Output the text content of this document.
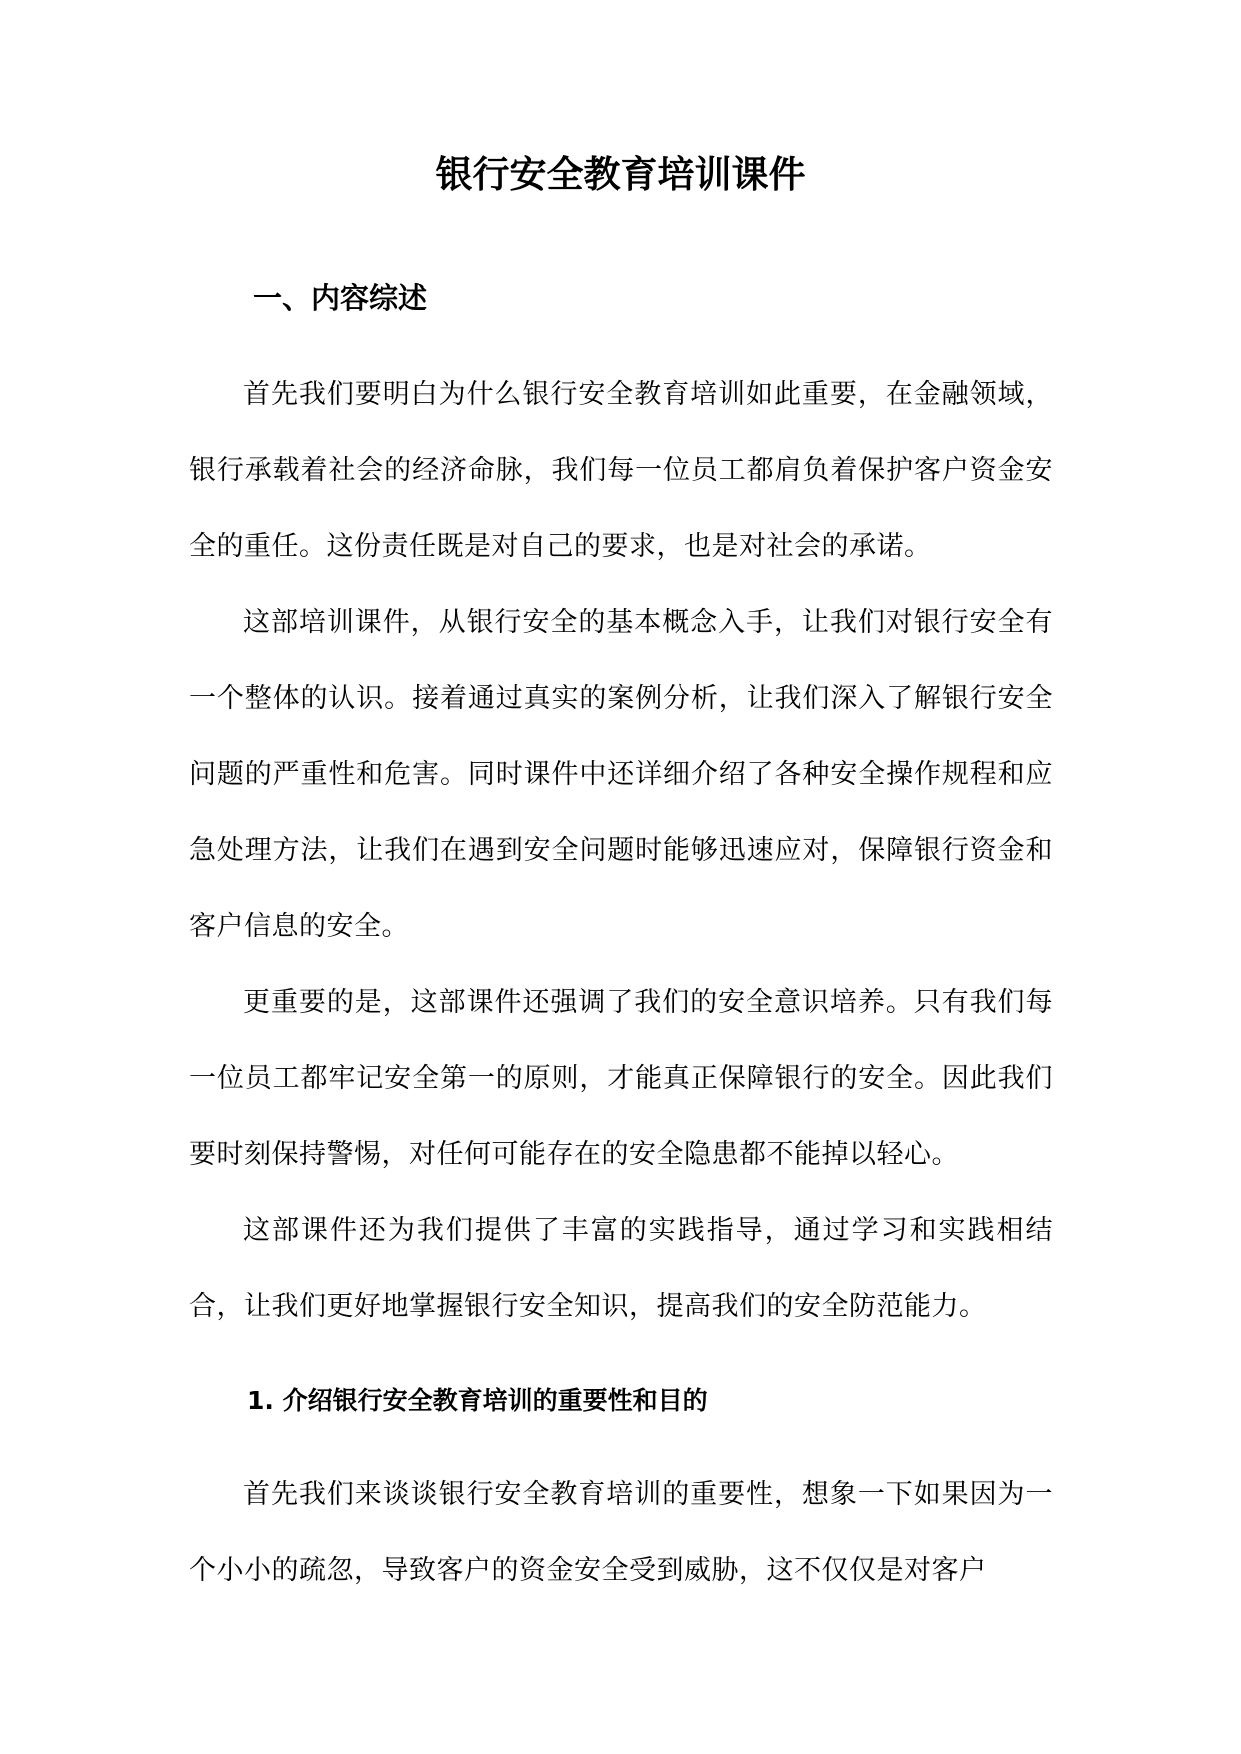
银行安全教育培训课件
一、内容综述

首先我们要明白为什么银行安全教育培训如此重要，在金融领域，银行承载着社会的经济命脉，我们每一位员工都肩负着保护客户资金安全的重任。这份责任既是对自己的要求，也是对社会的承诺。

这部培训课件，从银行安全的基本概念入手，让我们对银行安全有一个整体的认识。接着通过真实的案例分析，让我们深入了解银行安全问题的严重性和危害。同时课件中还详细介绍了各种安全操作规程和应急处理方法，让我们在遇到安全问题时能够迅速应对，保障银行资金和客户信息的安全。

更重要的是，这部课件还强调了我们的安全意识培养。只有我们每一位员工都牢记安全第一的原则，才能真正保障银行的安全。因此我们要时刻保持警惕，对任何可能存在的安全隐患都不能掉以轻心。

这部课件还为我们提供了丰富的实践指导，通过学习和实践相结合，让我们更好地掌握银行安全知识，提高我们的安全防范能力。

1. 介绍银行安全教育培训的重要性和目的

首先我们来谈谈银行安全教育培训的重要性，想象一下如果因为一个小小的疏忽，导致客户的资金安全受到威胁，这不仅仅是对客户
